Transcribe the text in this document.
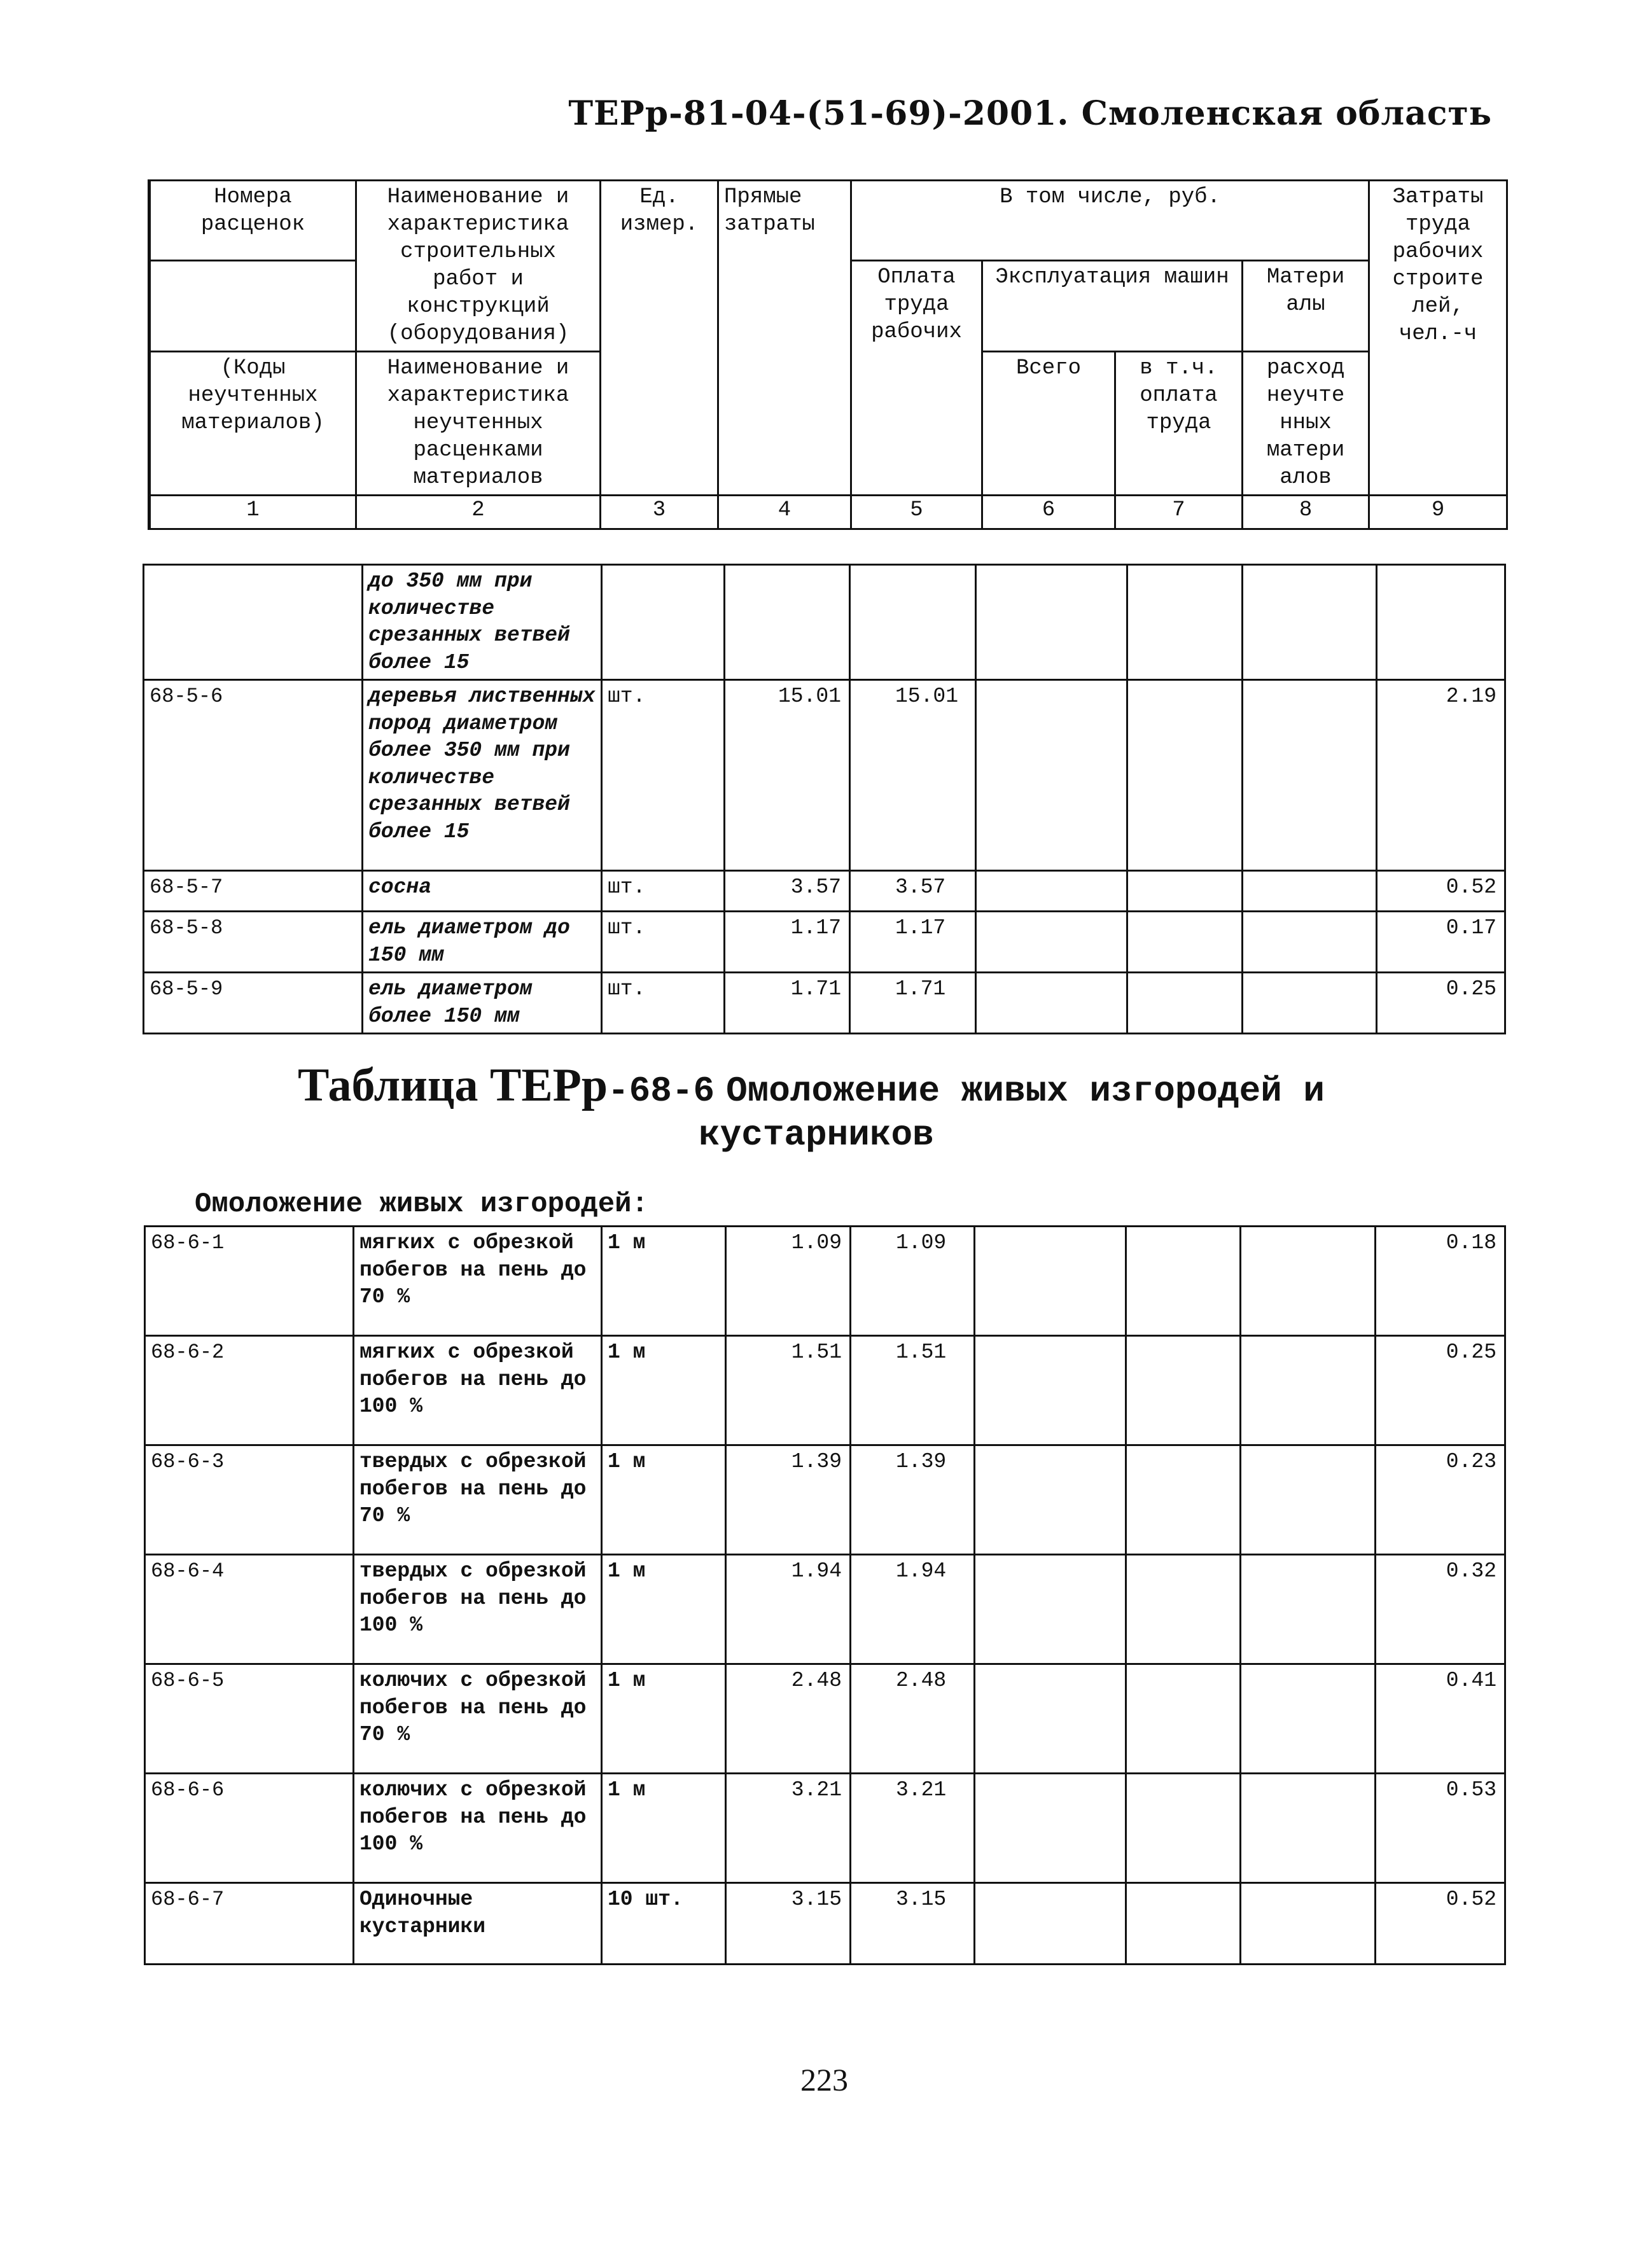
ТЕРр-81-04-(51-69)-2001. Смоленская область
Номера расценок	Наименование и характеристика строительных работ и конструкций (оборудования)	Ед. измер.	Прямые затраты	В том числе, руб.				Затраты труда рабочих строите лей, чел.-ч
				Оплата труда рабочих	Эксплуатация машин		Матери алы	
(Коды неучтенных материалов)	Наименование и характеристика неучтенных расценками материалов				Всего	в т.ч. оплата труда	расход неучте нных матери алов	
1	2	3	4	5	6	7	8	9
	до 350 мм при количестве срезанных ветвей более 15							
68-5-6	деревья лиственных пород диаметром более 350 мм при количестве срезанных ветвей более 15	шт.	15.01	15.01				2.19
68-5-7	сосна	шт.	3.57	3.57				0.52
68-5-8	ель диаметром до 150 мм	шт.	1.17	1.17				0.17
68-5-9	ель диаметром более 150 мм	шт.	1.71	1.71				0.25
Таблица ТЕРр-68-6 Омоложение живых изгородей и
кустарников
Омоложение живых изгородей:
68-6-1	мягких с обрезкой побегов на пень до 70 %	1 м	1.09	1.09				0.18
68-6-2	мягких с обрезкой побегов на пень до 100 %	1 м	1.51	1.51				0.25
68-6-3	твердых с обрезкой побегов на пень до 70 %	1 м	1.39	1.39				0.23
68-6-4	твердых с обрезкой побегов на пень до 100 %	1 м	1.94	1.94				0.32
68-6-5	колючих с обрезкой побегов на пень до 70 %	1 м	2.48	2.48				0.41
68-6-6	колючих с обрезкой побегов на пень до 100 %	1 м	3.21	3.21				0.53
68-6-7	Одиночные кустарники	10 шт.	3.15	3.15				0.52
223
